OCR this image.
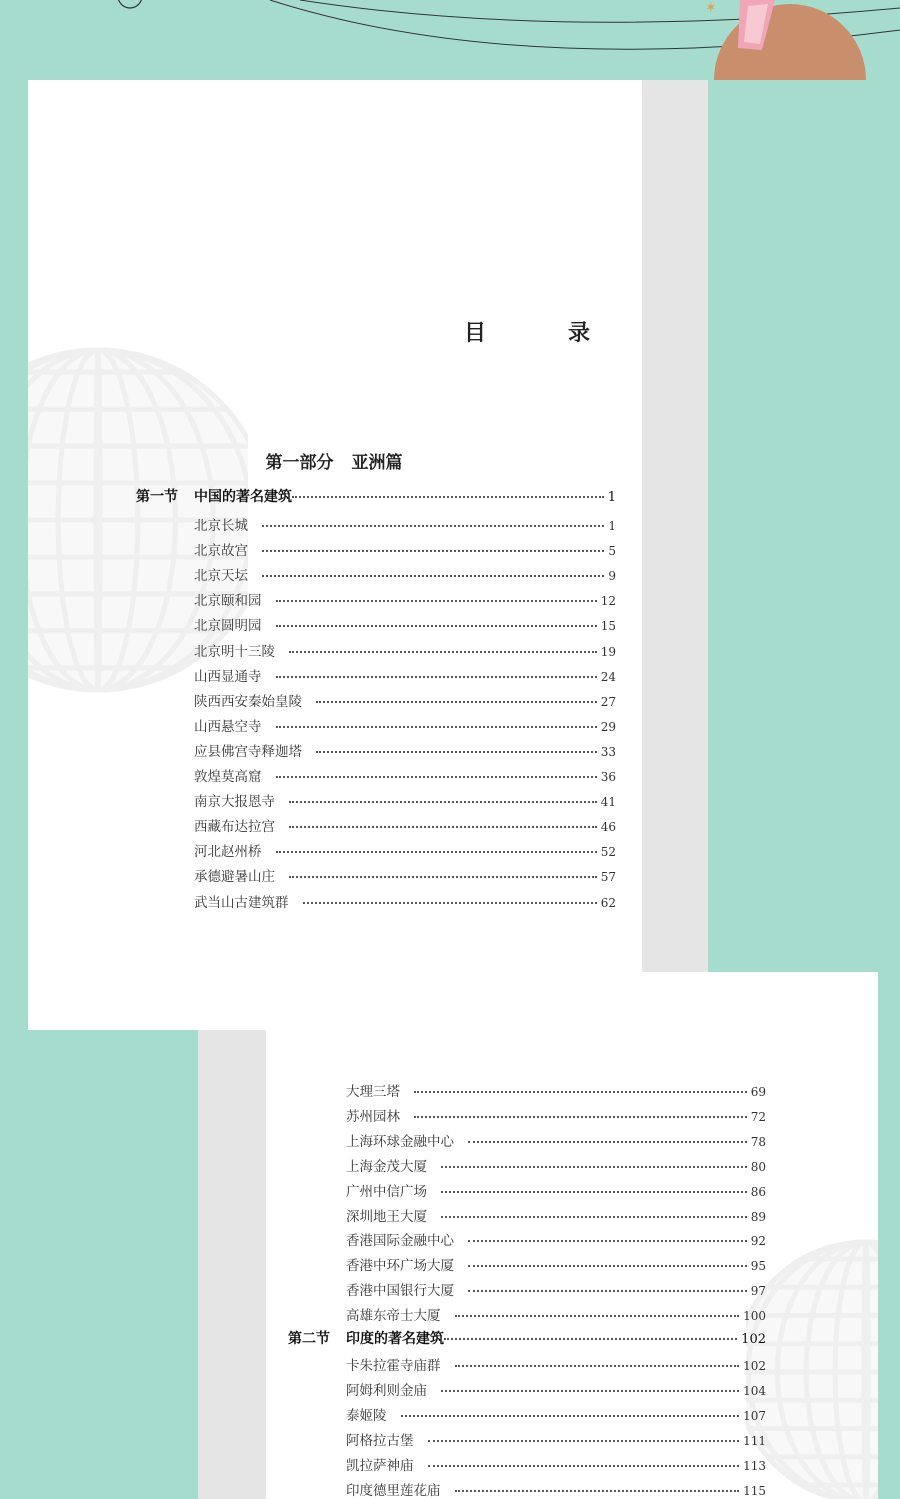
✶
目　录
第一部分 亚洲篇
第一节 中国的著名建筑	1
北京长城	1
北京故宫	5
北京天坛	9
北京颐和园	12
北京圆明园	15
北京明十三陵	19
山西显通寺	24
陕西西安秦始皇陵	27
山西悬空寺	29
应县佛宫寺释迦塔	33
敦煌莫高窟	36
南京大报恩寺	41
西藏布达拉宫	46
河北赵州桥	52
承德避暑山庄	57
武当山古建筑群	62
大理三塔	69
苏州园林	72
上海环球金融中心	78
上海金茂大厦	80
广州中信广场	86
深圳地王大厦	89
香港国际金融中心	92
香港中环广场大厦	95
香港中国银行大厦	97
高雄东帝士大厦	100
第二节 印度的著名建筑	102
卡朱拉霍寺庙群	102
阿姆利则金庙	104
泰姬陵	107
阿格拉古堡	111
凯拉萨神庙	113
印度德里莲花庙	115
